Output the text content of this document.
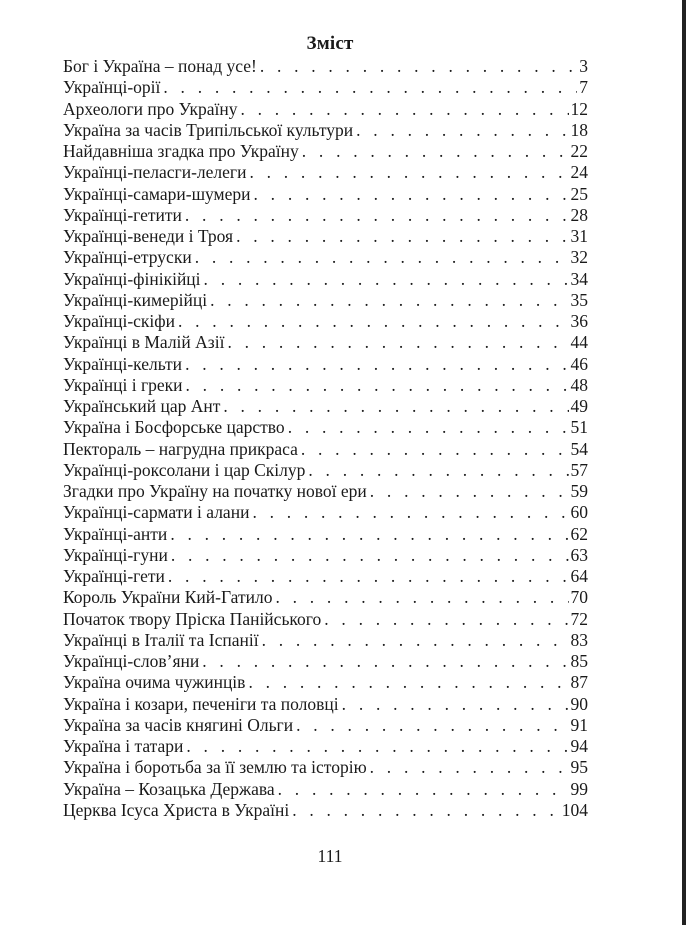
Зміст
Бог і Україна – понад усе! . . .	3
Українці-орії . . .	7
Археологи про Україну . . .	12
Україна за часів Трипільської культури . . .	18
Найдавніша згадка про Україну . . .	22
Українці-пеласги-лелеги . . .	24
Українці-самари-шумери . . .	25
Українці-гетити . . .	28
Українці-венеди і Троя . . .	31
Українці-етруски . . .	32
Українці-фінікійці . . .	34
Українці-кимерійці . . .	35
Українці-скіфи . . .	36
Українці в Малій Азії . . .	44
Українці-кельти . . .	46
Українці і греки . . .	48
Український цар Ант . . .	49
Україна і Босфорське царство . . .	51
Пектораль – нагрудна прикраса . . .	54
Українці-роксолани і цар Скілур . . .	57
Згадки про Україну на початку нової ери . . .	59
Українці-сармати і алани . . .	60
Українці-анти . . .	62
Українці-гуни . . .	63
Українці-гети . . .	64
Король України Кий-Гатило . . .	70
Початок твору Пріска Панійського . . .	72
Українці в Італії та Іспанії . . .	83
Українці-слов’яни . . .	85
Україна очима чужинців . . .	87
Україна і козари, печеніги та половці . . .	90
Україна за часів княгині Ольги . . .	91
Україна і татари . . .	94
Україна і боротьба за її землю та історію . . .	95
Україна – Козацька Держава . . .	99
Церква Ісуса Христа в Україні . . .	104
111
